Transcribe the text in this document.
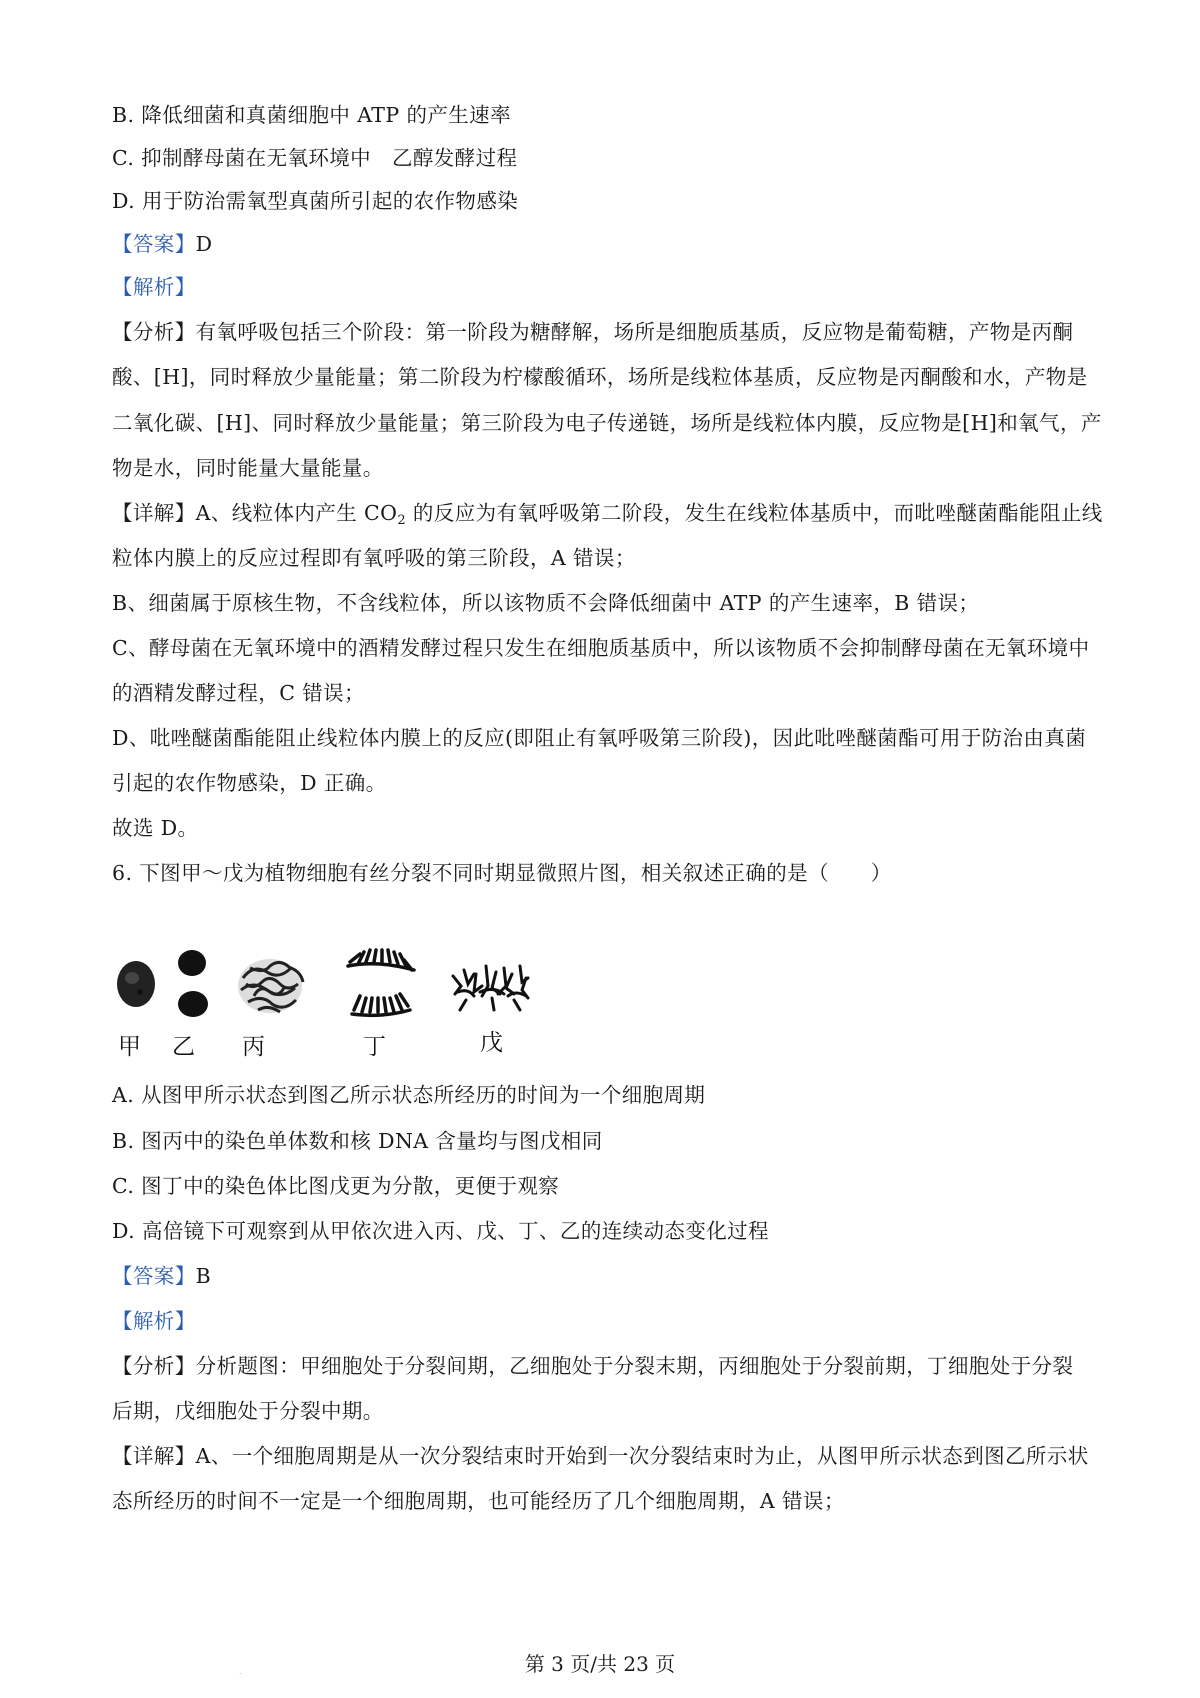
B. 降低细菌和真菌细胞中 ATP 的产生速率
C. 抑制酵母菌在无氧环境中　乙醇发酵过程
D. 用于防治需氧型真菌所引起的农作物感染
【答案】D
【解析】
【分析】有氧呼吸包括三个阶段：第一阶段为糖酵解，场所是细胞质基质，反应物是葡萄糖，产物是丙酮
酸、[H]，同时释放少量能量；第二阶段为柠檬酸循环，场所是线粒体基质，反应物是丙酮酸和水，产物是
二氧化碳、[H]、同时释放少量能量；第三阶段为电子传递链，场所是线粒体内膜，反应物是[H]和氧气，产
物是水，同时能量大量能量。
【详解】A、线粒体内产生 $CO_2$ 的反应为有氧呼吸第二阶段，发生在线粒体基质中，而吡唑醚菌酯能阻止线
粒体内膜上的反应过程即有氧呼吸的第三阶段，A 错误；
B、细菌属于原核生物，不含线粒体，所以该物质不会降低细菌中 ATP 的产生速率，B 错误；
C、酵母菌在无氧环境中的酒精发酵过程只发生在细胞质基质中，所以该物质不会抑制酵母菌在无氧环境中
的酒精发酵过程，C 错误；
D、吡唑醚菌酯能阻止线粒体内膜上的反应(即阻止有氧呼吸第三阶段)，因此吡唑醚菌酯可用于防治由真菌
引起的农作物感染，D 正确。
故选 D。
6. 下图甲～戊为植物细胞有丝分裂不同时期显微照片图，相关叙述正确的是（　　）
甲 乙 丙	丁	戊
A. 从图甲所示状态到图乙所示状态所经历的时间为一个细胞周期
B. 图丙中的染色单体数和核 DNA 含量均与图戊相同
C. 图丁中的染色体比图戊更为分散，更便于观察
D. 高倍镜下可观察到从甲依次进入丙、戊、丁、乙的连续动态变化过程
【答案】B
【解析】
【分析】分析题图：甲细胞处于分裂间期，乙细胞处于分裂末期，丙细胞处于分裂前期，丁细胞处于分裂
后期，戊细胞处于分裂中期。
【详解】A、一个细胞周期是从一次分裂结束时开始到一次分裂结束时为止，从图甲所示状态到图乙所示状
态所经历的时间不一定是一个细胞周期，也可能经历了几个细胞周期，A 错误；
.	第 3 页/共 23 页
